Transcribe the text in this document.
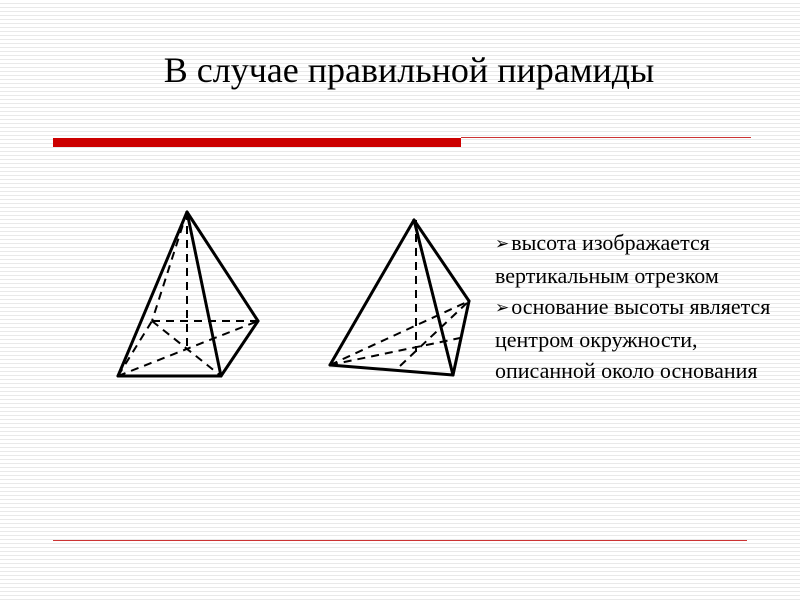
В случае правильной пирамиды
➢высота изображается вертикальным отрезком
➢основание высоты является центром окружности, описанной около основания
